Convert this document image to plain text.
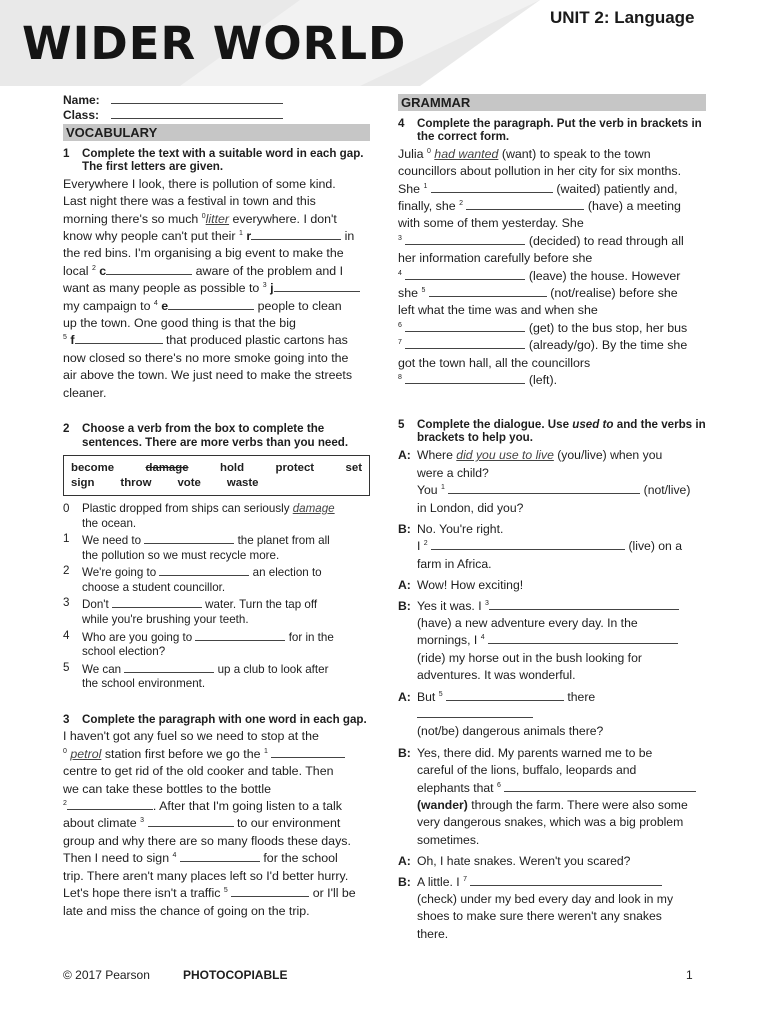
WIDER WORLD	UNIT 2: Language
Name:
Class:
VOCABULARY
1	Complete the text with a suitable word in each gap. The first letters are given.
Everywhere I look, there is pollution of some kind.
Last night there was a festival in town and this
morning there's so much $^0$litter everywhere. I don't
know why people can't put their $^1$ r	in
the red bins. I'm organising a big event to make the
local $^2$ c	aware of the problem and I
want as many people as possible to $^3$ j
my campaign to $^4$ e	people to clean
up the town. One good thing is that the big
$^5$ f	that produced plastic cartons has
now closed so there's no more smoke going into the
air above the town. We just need to make the streets
cleaner.
2	Choose a verb from the box to complete the sentences. There are more verbs than you need.
become	damage	hold	protect	set
sign throw vote waste
0	Plastic dropped from ships can seriously damage
the ocean.
1	We need to	the planet from all
the pollution so we must recycle more.
2	We're going to	an election to
choose a student councillor.
3	Don't	water. Turn the tap off
while you're brushing your teeth.
4	Who are you going to	for in the
school election?
5	We can	up a club to look after
the school environment.
3	Complete the paragraph with one word in each gap.
I haven't got any fuel so we need to stop at the
$^0$ petrol station first before we go the $^1$
centre to get rid of the old cooker and table. Then
we can take these bottles to the bottle
$^2$	. After that I'm going listen to a talk
about climate $^3$	to our environment
group and why there are so many floods these days.
Then I need to sign $^4$	for the school
trip. There aren't many places left so I'd better hurry.
Let's hope there isn't a traffic $^5$	or I'll be
late and miss the chance of going on the trip.
GRAMMAR
4	Complete the paragraph. Put the verb in brackets in the correct form.
Julia $^0$ had wanted (want) to speak to the town
councillors about pollution in her city for six months.
She $^1$	(waited) patiently and,
finally, she $^2$	(have) a meeting
with some of them yesterday. She
$^3$	(decided) to read through all
her information carefully before she
$^4$	(leave) the house. However
she $^5$	(not/realise) before she
left what the time was and when she
$^6$	(get) to the bus stop, her bus
$^7$	(already/go). By the time she
got the town hall, all the councillors
$^8$	(left).
5	Complete the dialogue. Use used to and the verbs in brackets to help you.
A: Where did you use to live (you/live) when you
were a child?
You $^1$	(not/live)
in London, did you?
B: No. You're right.
I $^2$	(live) on a
farm in Africa.
A: Wow! How exciting!
B: Yes it was. I $^3$
(have) a new adventure every day. In the
mornings, I $^4$
(ride) my horse out in the bush looking for
adventures. It was wonderful.
A: But $^5$	there
(not/be) dangerous animals there?
B: Yes, there did. My parents warned me to be
careful of the lions, buffalo, leopards and
elephants that $^6$
(wander) through the farm. There were also some
very dangerous snakes, which was a big problem
sometimes.
A: Oh, I hate snakes. Weren't you scared?
B: A little. I $^7$
(check) under my bed every day and look in my
shoes to make sure there weren't any snakes
there.
© 2017 Pearson	PHOTOCOPIABLE	1
